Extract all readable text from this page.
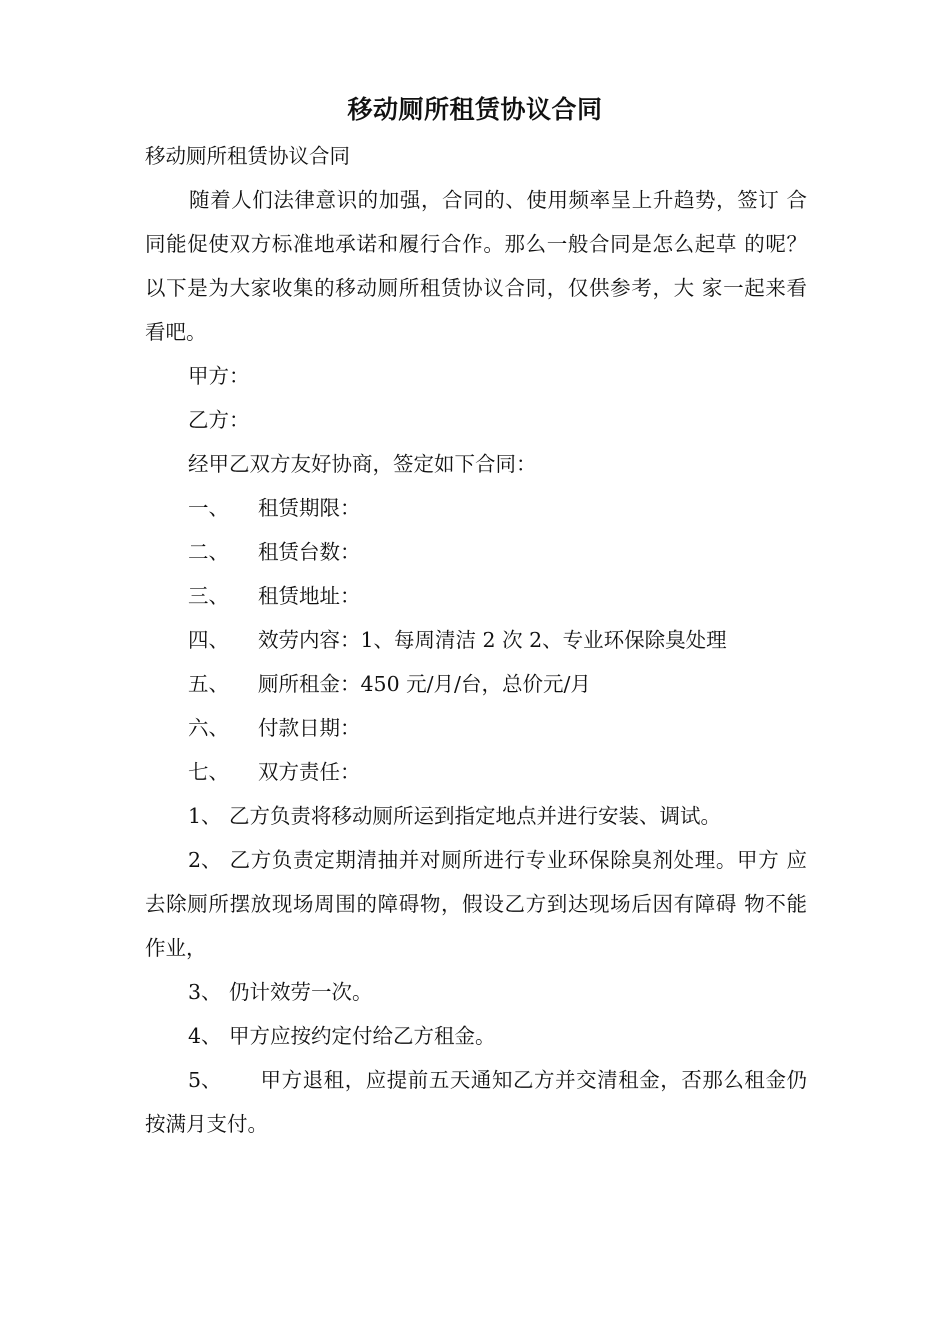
移动厕所租赁协议合同
移动厕所租赁协议合同
随着人们法律意识的加强，合同的、使用频率呈上升趋势，签订 合同能促使双方标准地承诺和履行合作。那么一般合同是怎么起草 的呢？以下是为大家收集的移动厕所租赁协议合同，仅供参考，大 家一起来看看吧。
甲方：
乙方：
经甲乙双方友好协商，签定如下合同：
一、 租赁期限：
二、 租赁台数：
三、 租赁地址：
四、 效劳内容：1、每周清洁 2 次 2、专业环保除臭处理
五、 厕所租金：450 元/月/台，总价元/月
六、 付款日期：
七、 双方责任：
1、 乙方负责将移动厕所运到指定地点并进行安装、调试。
2、 乙方负责定期清抽并对厕所进行专业环保除臭剂处理。甲方 应去除厕所摆放现场周围的障碍物，假设乙方到达现场后因有障碍 物不能作业，
3、 仍计效劳一次。
4、 甲方应按约定付给乙方租金。
5、 甲方退租，应提前五天通知乙方并交清租金，否那么租金仍 按满月支付。
